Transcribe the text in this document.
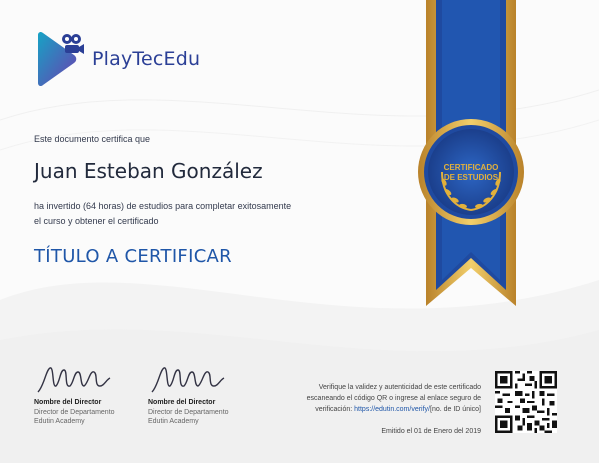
PlayTecEdu
Este documento certifica que
Juan Esteban González
ha invertido (64 horas) de estudios para completar exitosamente
el curso y obtener el certificado
TÍTULO A CERTIFICAR
CERTIFICADO
DE ESTUDIOS
Nombre del Director
Director de Departamento
Edutin Academy
Nombre del Director
Director de Departamento
Edutin Academy
Verifique la validez y autenticidad de este certificado
escaneando el código QR o ingrese al enlace seguro de
verificación: https://edutin.com/verify/[no. de ID único]
Emitido el 01 de Enero del 2019
